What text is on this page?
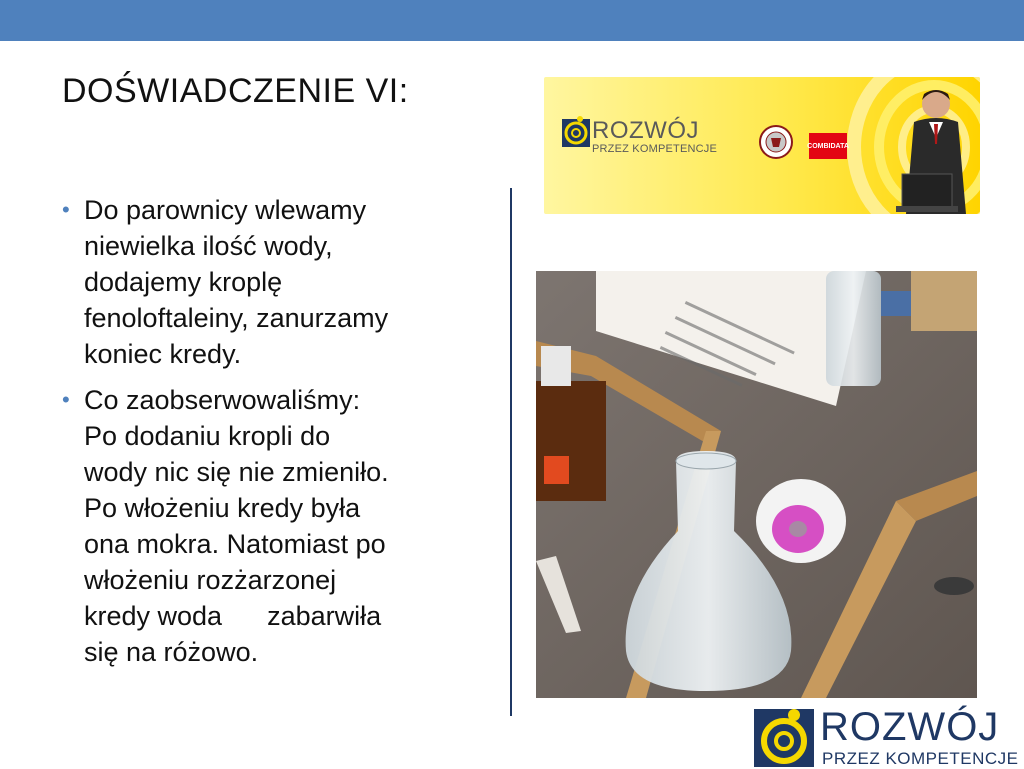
DOŚWIADCZENIE VI:
• Do parownicy wlewamy
niewielka ilość wody,
dodajemy kroplę
fenoloftaleiny, zanurzamy
koniec kredy.
• Co zaobserwowaliśmy:
Po dodaniu kropli do
wody nic się nie zmieniło.
Po włożeniu kredy była
ona mokra. Natomiast po
włożeniu rozżarzonej
kredy woda      zabarwiła
się na różowo.
ROZWÓJ
PRZEZ KOMPETENCJE	COMBIDATA
ROZWÓJ
PRZEZ KOMPETENCJE
